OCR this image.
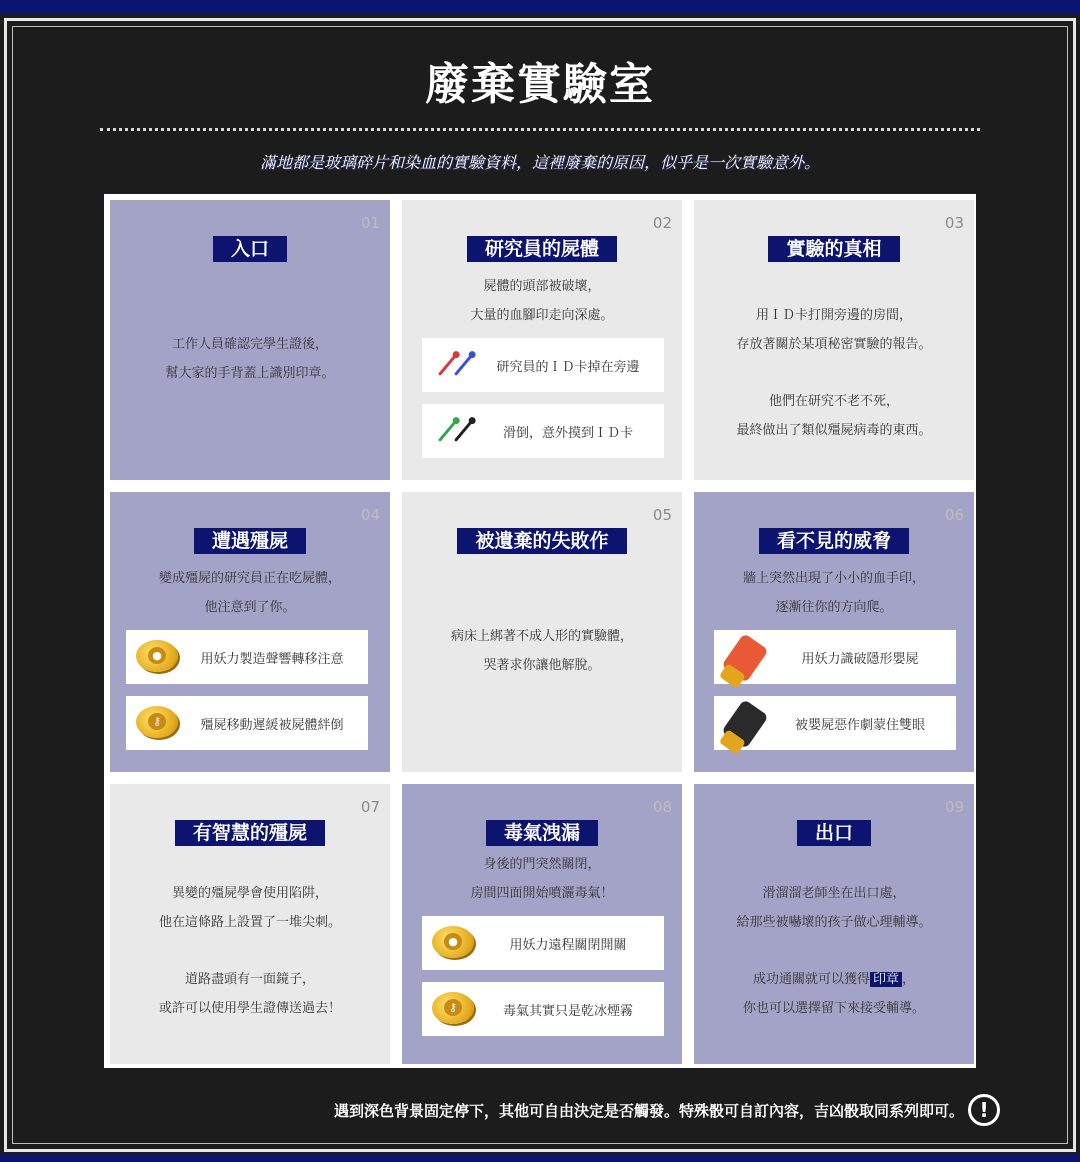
廢棄實驗室
滿地都是玻璃碎片和染血的實驗資料，這裡廢棄的原因，似乎是一次實驗意外。
01
入口
工作人員確認完學生證後，
幫大家的手背蓋上識別印章。
02
研究員的屍體
屍體的頭部被破壞，
大量的血腳印走向深處。
研究員的ＩＤ卡掉在旁邊
滑倒，意外摸到ＩＤ卡
03
實驗的真相
用ＩＤ卡打開旁邊的房間，
存放著關於某項秘密實驗的報告。
他們在研究不老不死，
最終做出了類似殭屍病毒的東西。
04
遭遇殭屍
變成殭屍的研究員正在吃屍體，
他注意到了你。
●	用妖力製造聲響轉移注意
⚷	殭屍移動遲緩被屍體絆倒
05
被遺棄的失敗作
病床上綁著不成人形的實驗體，
哭著求你讓他解脫。
06
看不見的威脅
牆上突然出現了小小的血手印，
逐漸往你的方向爬。
用妖力識破隱形嬰屍
被嬰屍惡作劇蒙住雙眼
07
有智慧的殭屍
異變的殭屍學會使用陷阱，
他在這條路上設置了一堆尖刺。
道路盡頭有一面鏡子，
或許可以使用學生證傳送過去！
08
毒氣洩漏
身後的門突然關閉，
房間四面開始噴灑毒氣！
●	用妖力遠程關閉開關
⚷	毒氣其實只是乾冰煙霧
09
出口
滑溜溜老師坐在出口處，
給那些被嚇壞的孩子做心理輔導。
成功通關就可以獲得 印章 ，
你也可以選擇留下來接受輔導。
遇到深色背景固定停下，其他可自由決定是否觸發。特殊骰可自訂內容，吉凶骰取同系列即可。 !
